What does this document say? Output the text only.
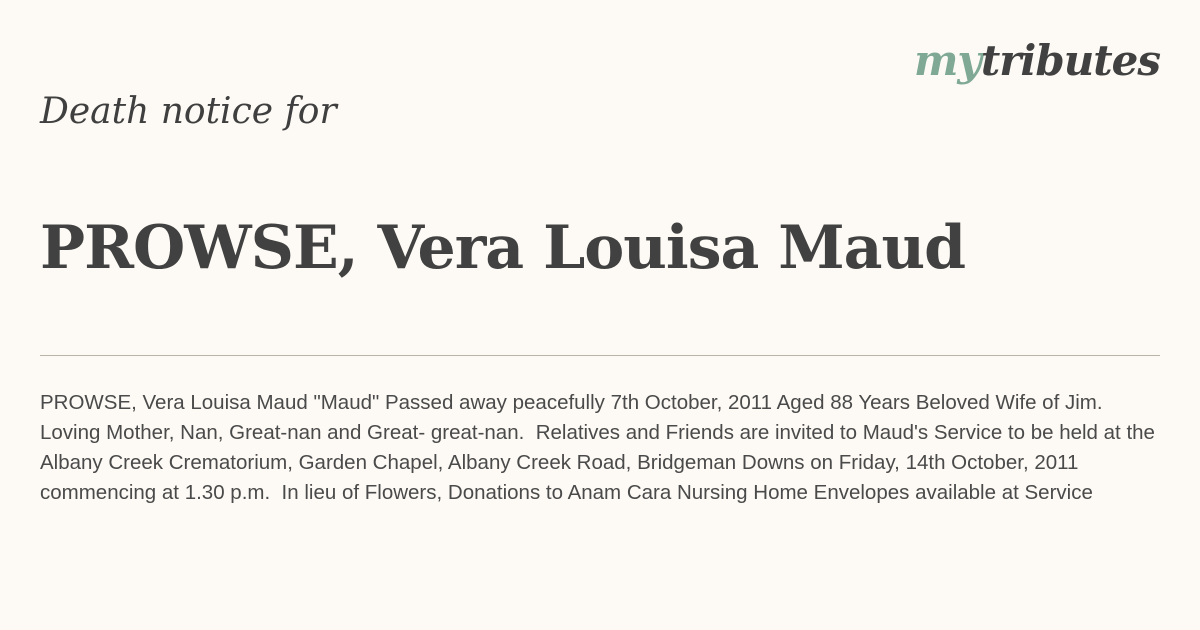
mytributes
Death notice for
PROWSE, Vera Louisa Maud

PROWSE, Vera Louisa Maud "Maud" Passed away peacefully 7th October, 2011 Aged 88 Years Beloved Wife of Jim. Loving Mother, Nan, Great-nan and Great- great-nan.  Relatives and Friends are invited to Maud's Service to be held at the Albany Creek Crematorium, Garden Chapel, Albany Creek Road, Bridgeman Downs on Friday, 14th October, 2011 commencing at 1.30 p.m.  In lieu of Flowers, Donations to Anam Cara Nursing Home Envelopes available at Service
